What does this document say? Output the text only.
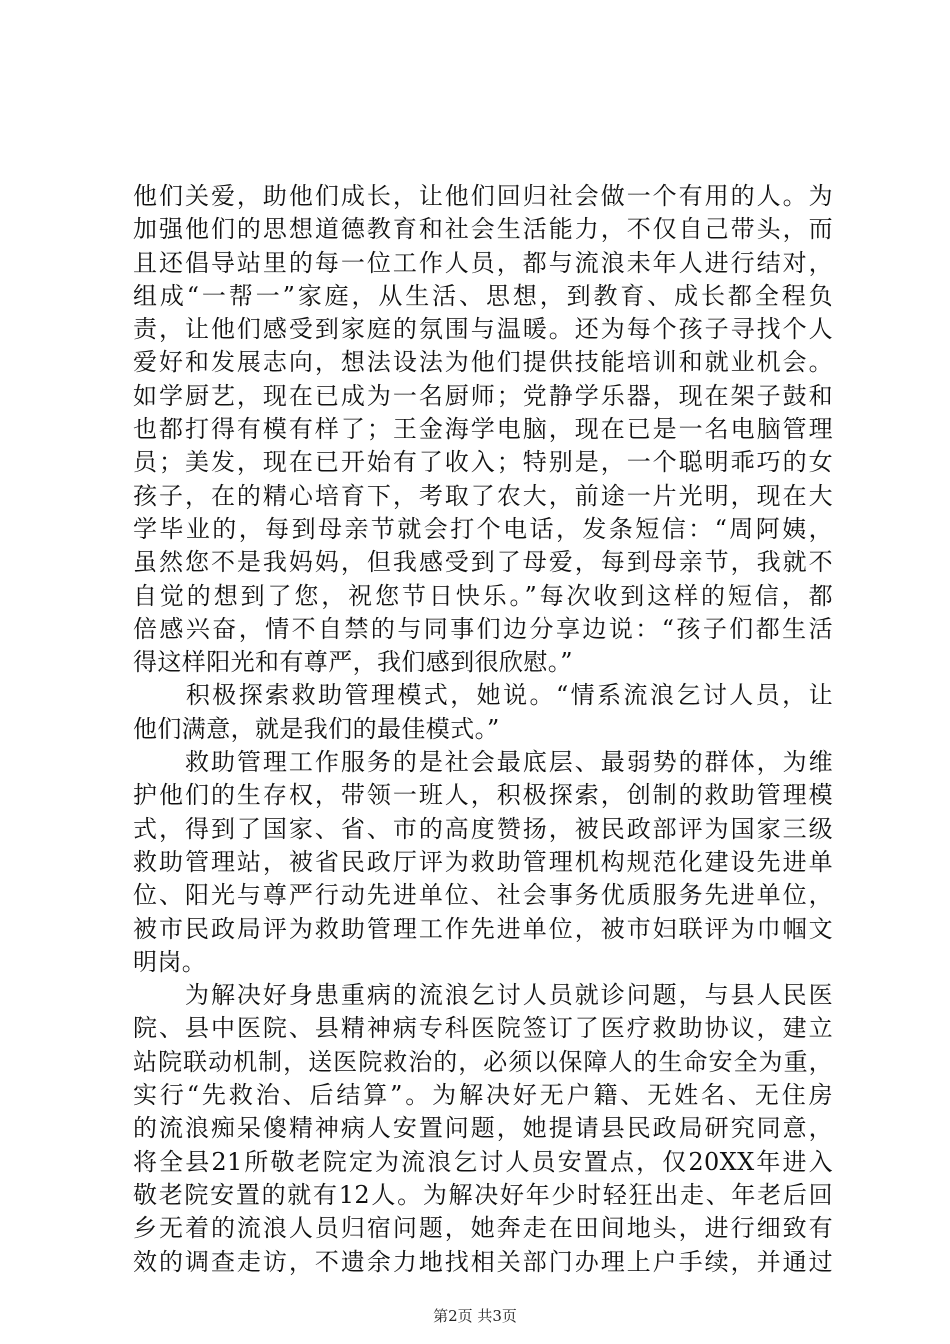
他们关爱，助他们成长，让他们回归社会做一个有用的人。为
加强他们的思想道德教育和社会生活能力，不仅自己带头，而
且还倡导站里的每一位工作人员，都与流浪未年人进行结对，
组成“一帮一”家庭，从生活、思想，到教育、成长都全程负
责，让他们感受到家庭的氛围与温暖。还为每个孩子寻找个人
爱好和发展志向，想法设法为他们提供技能培训和就业机会。
如学厨艺，现在已成为一名厨师；党静学乐器，现在架子鼓和
也都打得有模有样了；王金海学电脑，现在已是一名电脑管理
员；美发，现在已开始有了收入；特别是，一个聪明乖巧的女
孩子，在的精心培育下，考取了农大，前途一片光明，现在大
学毕业的，每到母亲节就会打个电话，发条短信：“周阿姨，
虽然您不是我妈妈，但我感受到了母爱，每到母亲节，我就不
自觉的想到了您，祝您节日快乐。”每次收到这样的短信，都
倍感兴奋，情不自禁的与同事们边分享边说：“孩子们都生活
得这样阳光和有尊严，我们感到很欣慰。”
　　积极探索救助管理模式，她说。“情系流浪乞讨人员，让
他们满意，就是我们的最佳模式。”
　　救助管理工作服务的是社会最底层、最弱势的群体，为维
护他们的生存权，带领一班人，积极探索，创制的救助管理模
式，得到了国家、省、市的高度赞扬，被民政部评为国家三级
救助管理站，被省民政厅评为救助管理机构规范化建设先进单
位、阳光与尊严行动先进单位、社会事务优质服务先进单位，
被市民政局评为救助管理工作先进单位，被市妇联评为巾帼文
明岗。
　　为解决好身患重病的流浪乞讨人员就诊问题，与县人民医
院、县中医院、县精神病专科医院签订了医疗救助协议，建立
站院联动机制，送医院救治的，必须以保障人的生命安全为重，
实行“先救治、后结算”。为解决好无户籍、无姓名、无住房
的流浪痴呆傻精神病人安置问题，她提请县民政局研究同意，
将全县21所敬老院定为流浪乞讨人员安置点，仅20XX年进入
敬老院安置的就有12人。为解决好年少时轻狂出走、年老后回
乡无着的流浪人员归宿问题，她奔走在田间地头，进行细致有
效的调查走访，不遗余力地找相关部门办理上户手续，并通过
第2页 共3页
